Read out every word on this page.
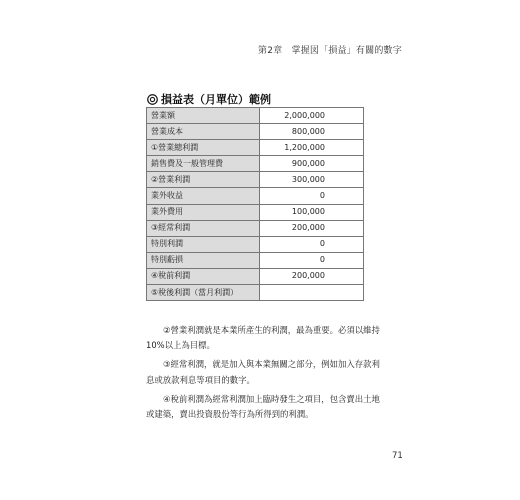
第2章　掌握図「損益」有關的數字
損益表（月單位）範例
營業額	2,000,000
營業成本	800,000
①營業總利潤	1,200,000
銷售費及一般管理費	900,000
②營業利潤	300,000
業外收益	0
業外費用	100,000
③經常利潤	200,000
特別利潤	0
特別虧損	0
④稅前利潤	200,000
⑤稅後利潤（當月利潤）	

②營業利潤就是本業所產生的利潤，最為重要。必須以維持10%以上為目標。

③經常利潤，就是加入與本業無關之部分，例如加入存款利息或放款利息等項目的數字。

④稅前利潤為經常利潤加上臨時發生之項目，包含賣出土地或建築，賣出投資股份等行為所得到的利潤。

71
